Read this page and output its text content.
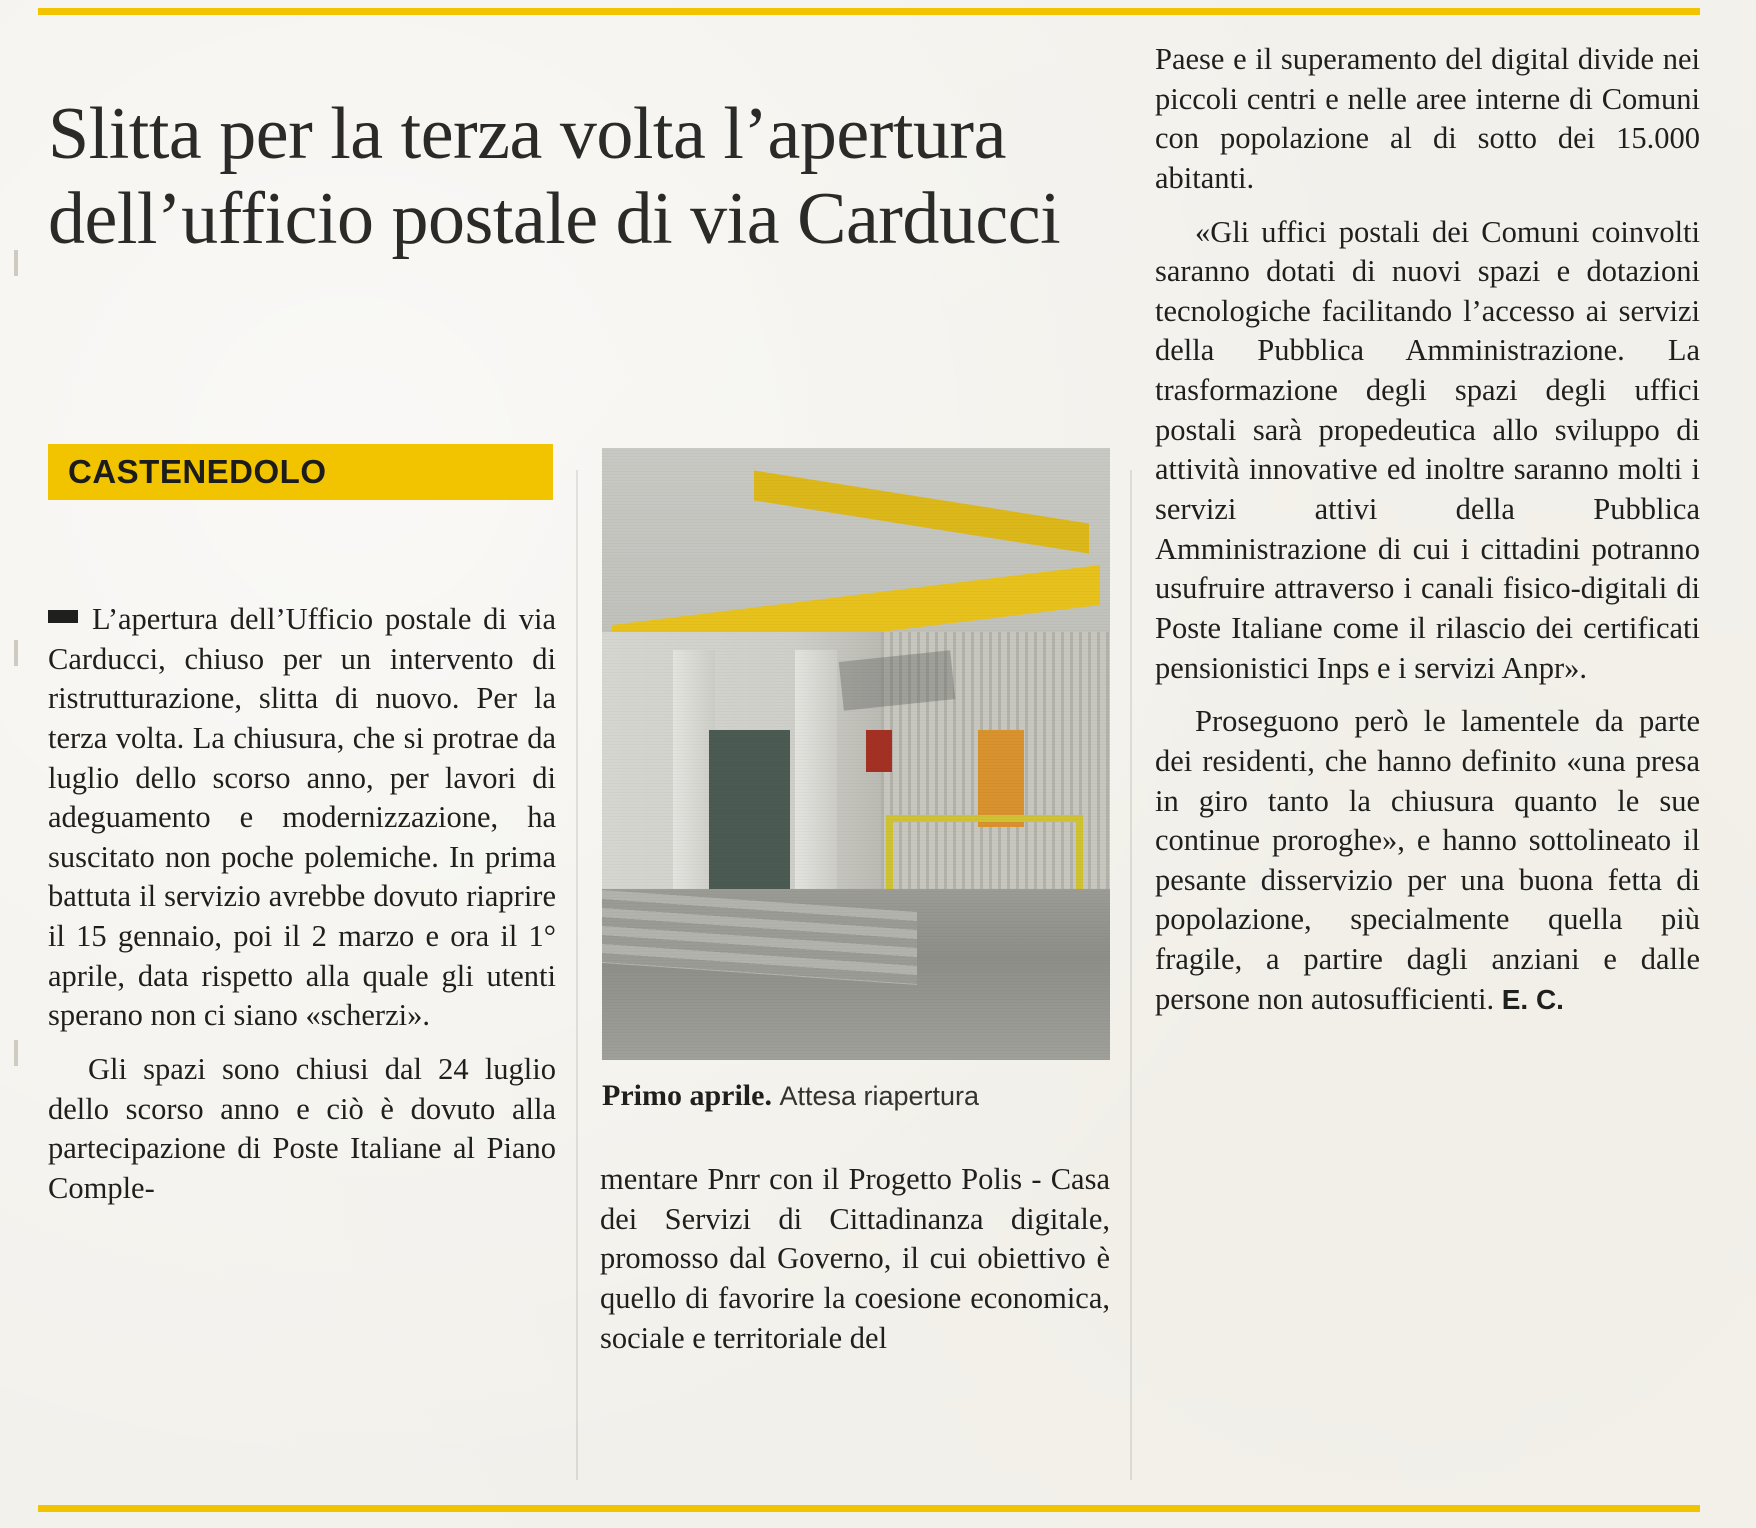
Slitta per la terza volta l’apertura dell’ufficio postale di via Carducci
CASTENEDOLO

L’apertura dell’Ufficio postale di via Carducci, chiuso per un intervento di ristrutturazione, slitta di nuovo. Per la terza volta. La chiusura, che si protrae da luglio dello scorso anno, per lavori di adeguamento e modernizzazione, ha suscitato non poche polemiche. In prima battuta il servizio avrebbe dovuto riaprire il 15 gennaio, poi il 2 marzo e ora il 1° aprile, data rispetto alla quale gli utenti sperano non ci siano «scherzi».

Gli spazi sono chiusi dal 24 luglio dello scorso anno e ciò è dovuto alla partecipazione di Poste Italiane al Piano Comple-

Primo aprile. Attesa riapertura

mentare Pnrr con il Progetto Polis - Casa dei Servizi di Cittadinanza digitale, promosso dal Governo, il cui obiettivo è quello di favorire la coesione economica, sociale e territoriale del

Paese e il superamento del digital divide nei piccoli centri e nelle aree interne di Comuni con popolazione al di sotto dei 15.000 abitanti.

«Gli uffici postali dei Comuni coinvolti saranno dotati di nuovi spazi e dotazioni tecnologiche facilitando l’accesso ai servizi della Pubblica Amministrazione. La trasformazione degli spazi degli uffici postali sarà propedeutica allo sviluppo di attività innovative ed inoltre saranno molti i servizi attivi della Pubblica Amministrazione di cui i cittadini potranno usufruire attraverso i canali fisico-digitali di Poste Italiane come il rilascio dei certificati pensionistici Inps e i servizi Anpr».

Proseguono però le lamentele da parte dei residenti, che hanno definito «una presa in giro tanto la chiusura quanto le sue continue proroghe», e hanno sottolineato il pesante disservizio per una buona fetta di popolazione, specialmente quella più fragile, a partire dagli anziani e dalle persone non autosufficienti. E. C.
